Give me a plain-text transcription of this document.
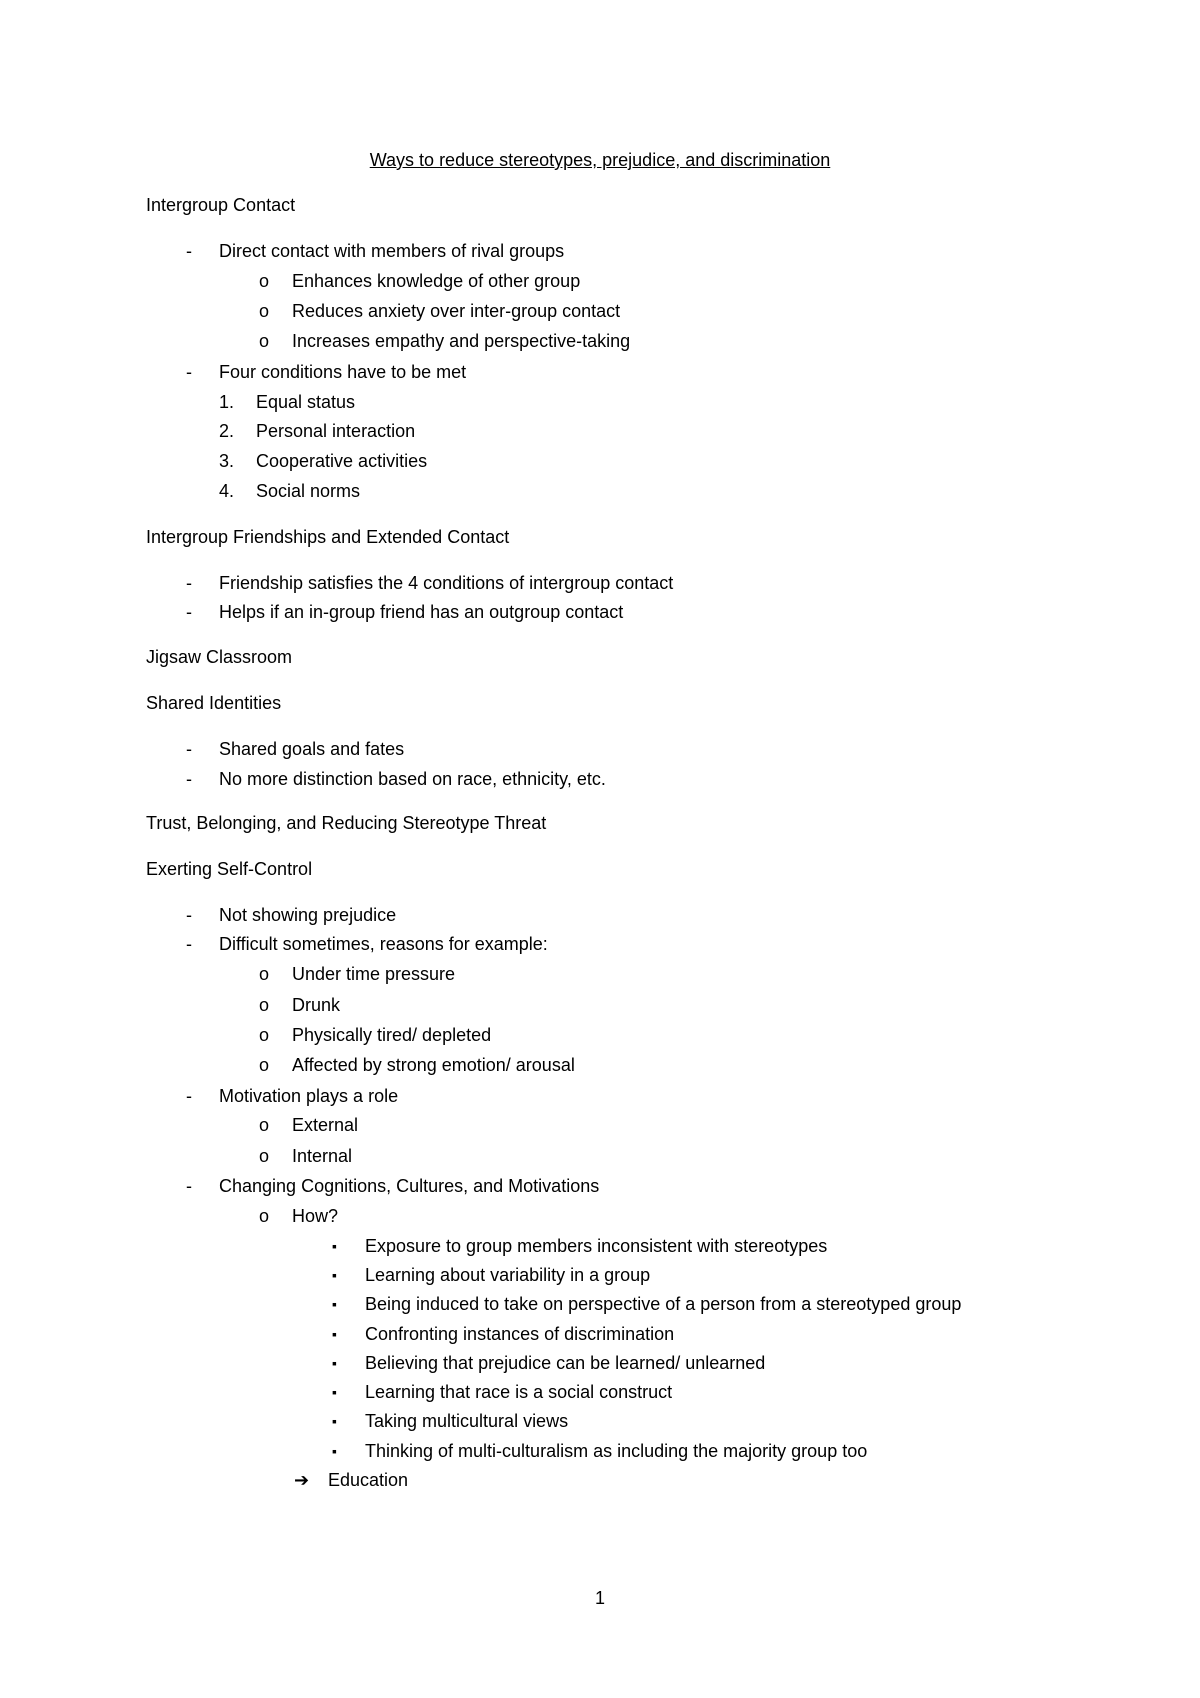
Ways to reduce stereotypes, prejudice, and discrimination
Intergroup Contact
- Direct contact with members of rival groups
o Enhances knowledge of other group
o Reduces anxiety over inter-group contact
o Increases empathy and perspective-taking
- Four conditions have to be met
1. Equal status
2. Personal interaction
3. Cooperative activities
4. Social norms
Intergroup Friendships and Extended Contact
- Friendship satisfies the 4 conditions of intergroup contact
- Helps if an in-group friend has an outgroup contact
Jigsaw Classroom
Shared Identities
- Shared goals and fates
- No more distinction based on race, ethnicity, etc.
Trust, Belonging, and Reducing Stereotype Threat
Exerting Self-Control
- Not showing prejudice
- Difficult sometimes, reasons for example:
o Under time pressure
o Drunk
o Physically tired/ depleted
o Affected by strong emotion/ arousal
- Motivation plays a role
o External
o Internal
- Changing Cognitions, Cultures, and Motivations
o How?
▪ Exposure to group members inconsistent with stereotypes
▪ Learning about variability in a group
▪ Being induced to take on perspective of a person from a stereotyped group
▪ Confronting instances of discrimination
▪ Believing that prejudice can be learned/ unlearned
▪ Learning that race is a social construct
▪ Taking multicultural views
▪ Thinking of multi-culturalism as including the majority group too
➔ Education
1
